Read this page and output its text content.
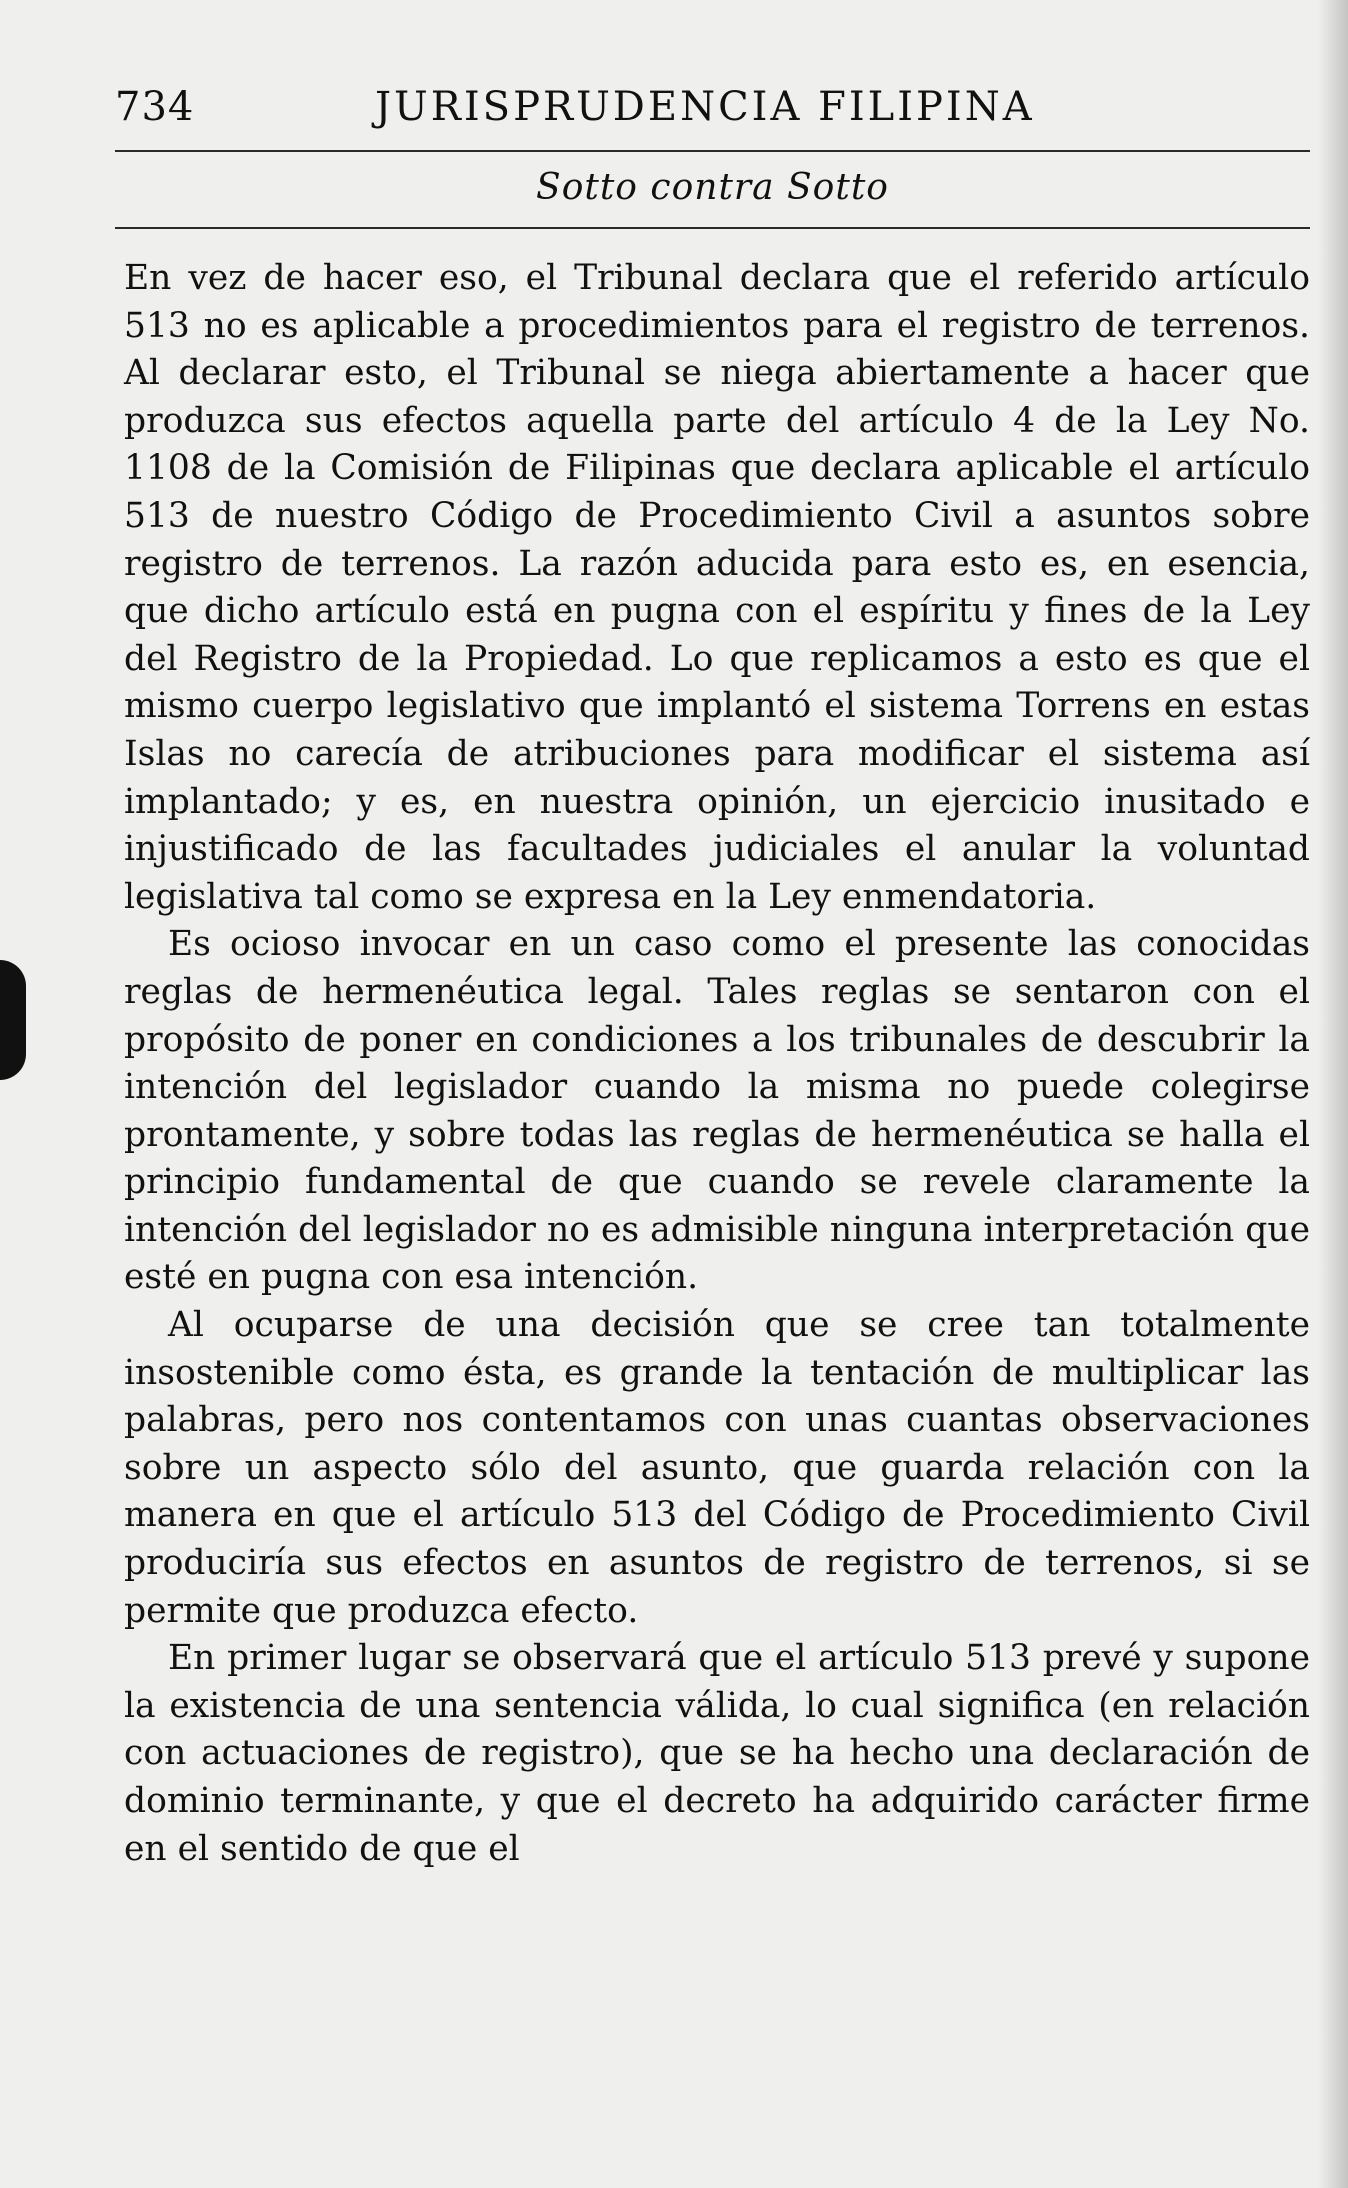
734	JURISPRUDENCIA FILIPINA
Sotto contra Sotto

En vez de hacer eso, el Tribunal declara que el referido artículo 513 no es aplicable a procedimientos para el registro de terrenos. Al declarar esto, el Tribunal se niega abiertamente a hacer que produzca sus efectos aquella parte del artículo 4 de la Ley No. 1108 de la Comisión de Filipinas que declara aplicable el artículo 513 de nuestro Código de Procedimiento Civil a asuntos sobre registro de terrenos. La razón aducida para esto es, en esencia, que dicho artículo está en pugna con el espíritu y fines de la Ley del Registro de la Propiedad. Lo que replicamos a esto es que el mismo cuerpo legislativo que implantó el sistema Torrens en estas Islas no carecía de atribuciones para modificar el sistema así implantado; y es, en nuestra opinión, un ejercicio inusitado e injustificado de las facultades judiciales el anular la voluntad legislativa tal como se expresa en la Ley enmendatoria.

Es ocioso invocar en un caso como el presente las conocidas reglas de hermenéutica legal. Tales reglas se sentaron con el propósito de poner en condiciones a los tribunales de descubrir la intención del legislador cuando la misma no puede colegirse prontamente, y sobre todas las reglas de hermenéutica se halla el principio fundamental de que cuando se revele claramente la intención del legislador no es admisible ninguna interpretación que esté en pugna con esa intención.

Al ocuparse de una decisión que se cree tan totalmente insostenible como ésta, es grande la tentación de multiplicar las palabras, pero nos contentamos con unas cuantas observaciones sobre un aspecto sólo del asunto, que guarda relación con la manera en que el artículo 513 del Código de Procedimiento Civil produciría sus efectos en asuntos de registro de terrenos, si se permite que produzca efecto.

En primer lugar se observará que el artículo 513 prevé y supone la existencia de una sentencia válida, lo cual significa (en relación con actuaciones de registro), que se ha hecho una declaración de dominio terminante, y que el decreto ha adquirido carácter firme en el sentido de que el
